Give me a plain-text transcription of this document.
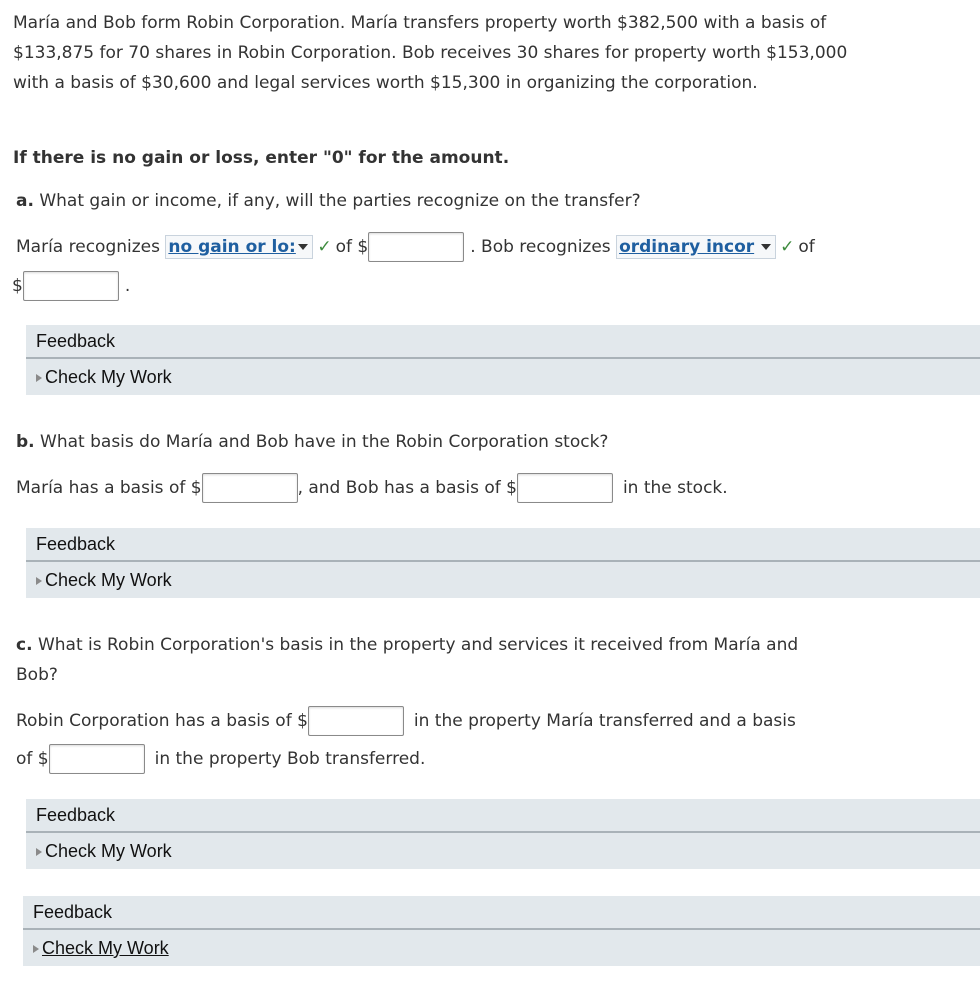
María and Bob form Robin Corporation. María transfers property worth $382,500 with a basis of $133,875 for 70 shares in Robin Corporation. Bob receives 30 shares for property worth $153,000 with a basis of $30,600 and legal services worth $15,300 in organizing the corporation.

If there is no gain or loss, enter "0" for the amount.

a. What gain or income, if any, will the parties recognize on the transfer?

María recognizes no gain or lo: ✓ of $	. Bob recognizes ordinary incor ✓ of
$	.
Feedback
Check My Work

b. What basis do María and Bob have in the Robin Corporation stock?

María has a basis of $	, and Bob has a basis of $	in the stock.
Feedback
Check My Work

c. What is Robin Corporation's basis in the property and services it received from María and
Bob?

Robin Corporation has a basis of $	in the property María transferred and a basis
of $	in the property Bob transferred.
Feedback
Check My Work
Feedback
Check My Work
